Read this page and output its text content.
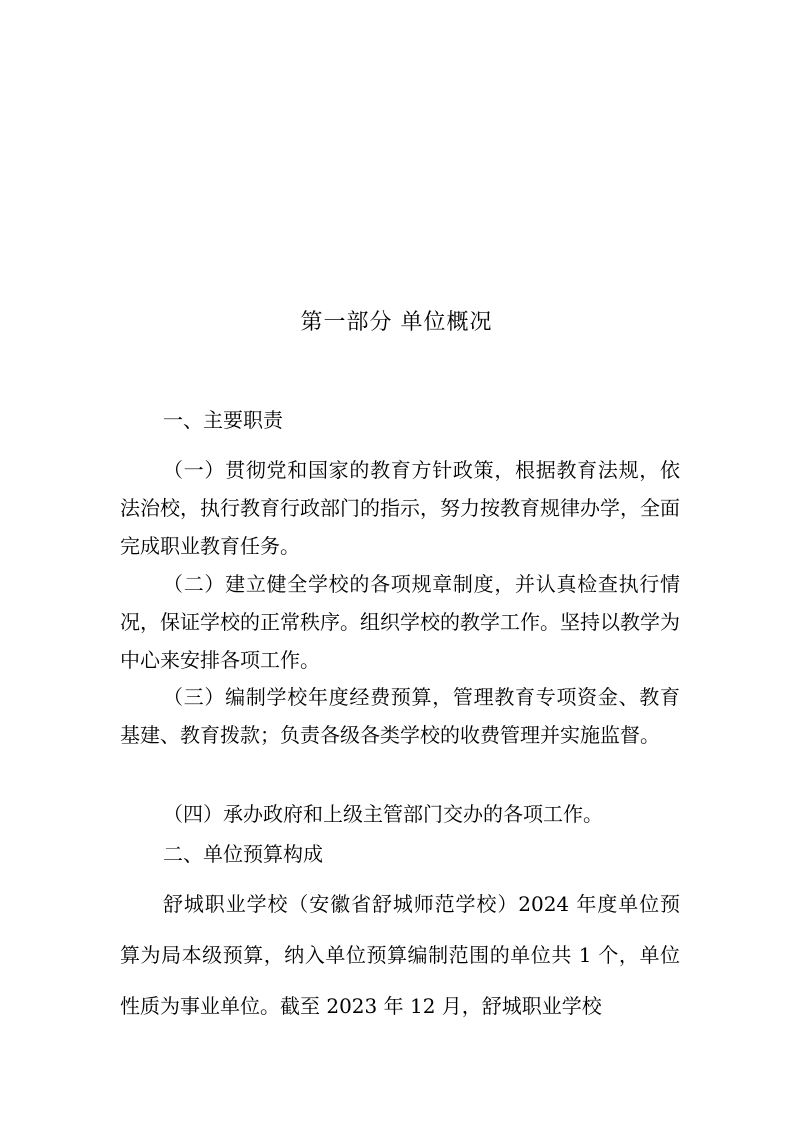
第一部分 单位概况
一、主要职责

（一）贯彻党和国家的教育方针政策，根据教育法规，依法治校，执行教育行政部门的指示，努力按教育规律办学，全面完成职业教育任务。

（二）建立健全学校的各项规章制度，并认真检查执行情况，保证学校的正常秩序。组织学校的教学工作。坚持以教学为中心来安排各项工作。

（三）编制学校年度经费预算，管理教育专项资金、教育基建、教育拨款；负责各级各类学校的收费管理并实施监督。

（四）承办政府和上级主管部门交办的各项工作。

二、单位预算构成

舒城职业学校（安徽省舒城师范学校）2024 年度单位预算为局本级预算，纳入单位预算编制范围的单位共 1 个，单位性质为事业单位。截至 2023 年 12 月，舒城职业学校
